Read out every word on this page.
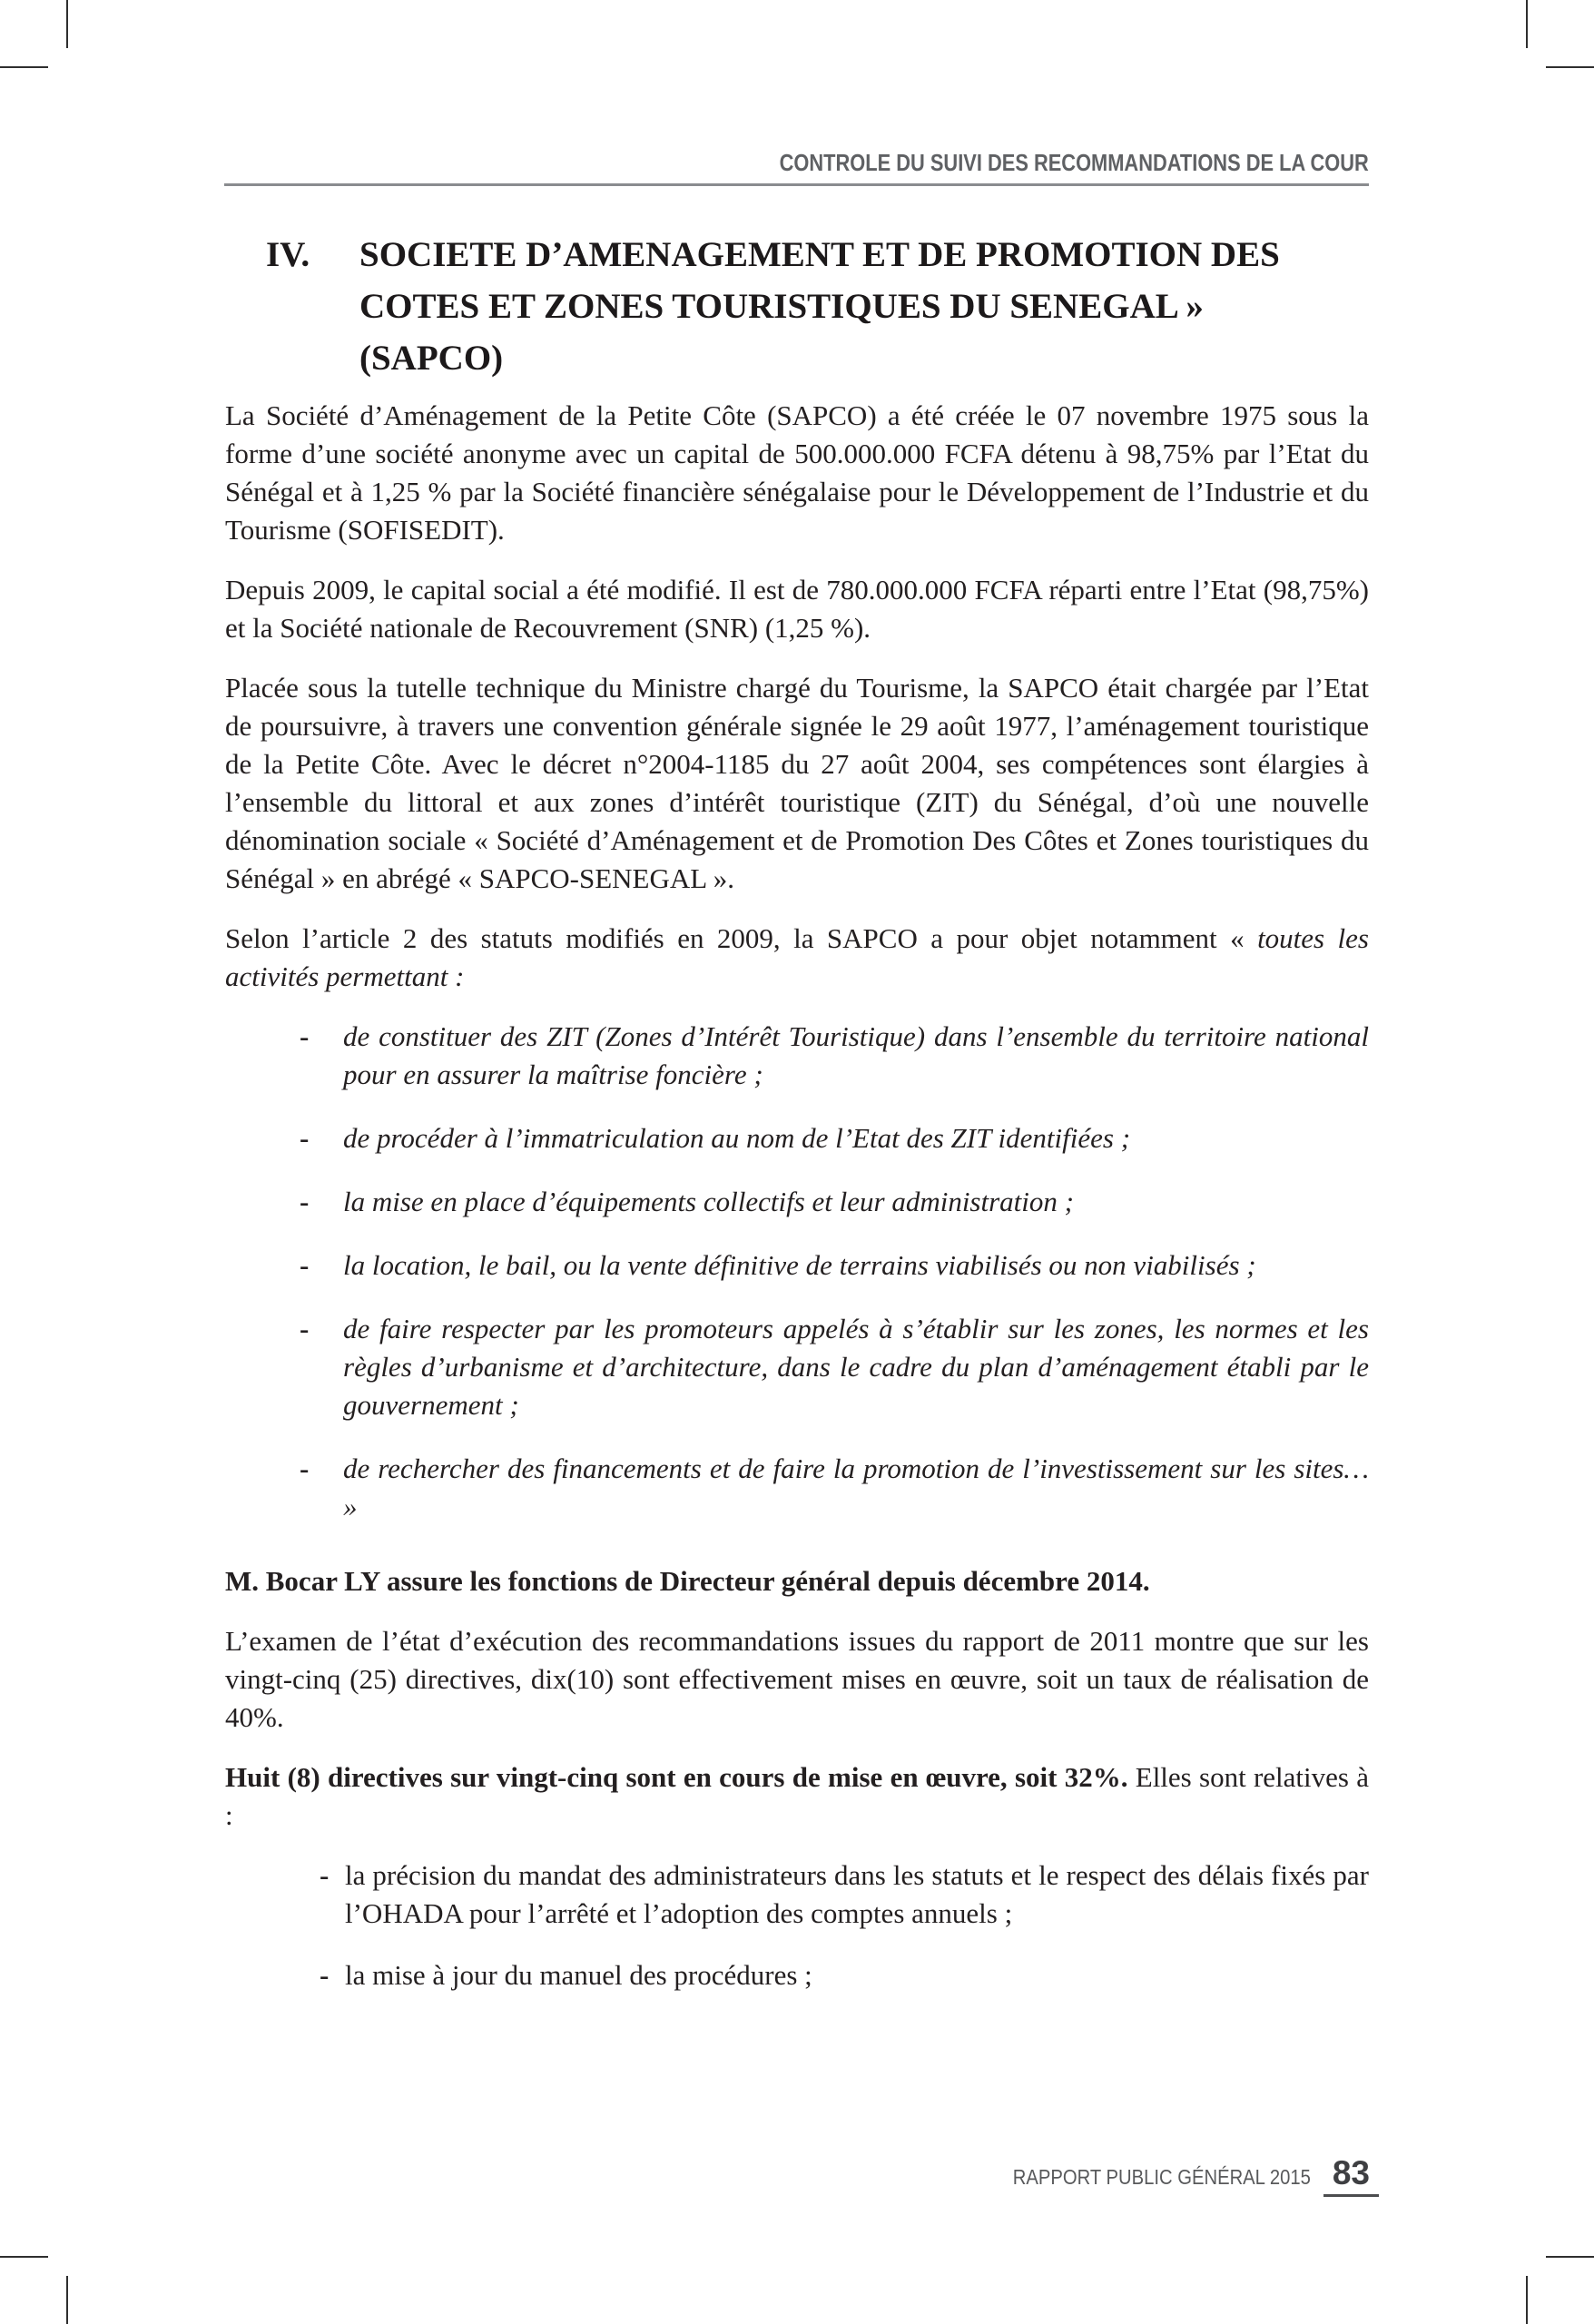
CONTROLE DU SUIVI DES RECOMMANDATIONS DE LA COUR
IV. SOCIETE D’AMENAGEMENT ET DE PROMOTION DES
COTES ET ZONES TOURISTIQUES DU SENEGAL »
(SAPCO)

La Société d’Aménagement de la Petite Côte (SAPCO) a été créée le 07 novembre 1975 sous la forme d’une société anonyme avec un capital de 500.000.000 FCFA détenu à 98,75% par l’Etat du Sénégal et à 1,25 % par la Société financière sénégalaise pour le Développement de l’Industrie et du Tourisme (SOFISEDIT).

Depuis 2009, le capital social a été modifié. Il est de 780.000.000 FCFA réparti entre l’Etat (98,75%) et la Société nationale de Recouvrement (SNR) (1,25 %).

Placée sous la tutelle technique du Ministre chargé du Tourisme, la SAPCO était chargée par l’Etat de poursuivre, à travers une convention générale signée le 29 août 1977, l’aménagement touristique de la Petite Côte. Avec le décret n°2004-1185 du 27 août 2004, ses compétences sont élargies à l’ensemble du littoral et aux zones d’intérêt touristique (ZIT) du Sénégal, d’où une nouvelle dénomination sociale « Société d’Aménagement et de Promotion Des Côtes et Zones touristiques du Sénégal » en abrégé « SAPCO-SENEGAL ».

Selon l’article 2 des statuts modifiés en 2009, la SAPCO a pour objet notamment « toutes les activités permettant :

- de constituer des ZIT (Zones d’Intérêt Touristique) dans l’ensemble du territoire national pour en assurer la maîtrise foncière ;
- de procéder à l’immatriculation au nom de l’Etat des ZIT identifiées ;
- la mise en place d’équipements collectifs et leur administration ;
- la location, le bail, ou la vente définitive de terrains viabilisés ou non viabilisés ;
- de faire respecter par les promoteurs appelés à s’établir sur les zones, les normes et les règles d’urbanisme et d’architecture, dans le cadre du plan d’aménagement établi par le gouvernement ;
- de rechercher des financements et de faire la promotion de l’investissement sur les sites… »

M. Bocar LY assure les fonctions de Directeur général depuis décembre 2014.

L’examen de l’état d’exécution des recommandations issues du rapport de 2011 montre que sur les vingt-cinq (25) directives, dix(10) sont effectivement mises en œuvre, soit un taux de réalisation de 40%.

Huit (8) directives sur vingt-cinq sont en cours de mise en œuvre, soit 32%. Elles sont relatives à :

- la précision du mandat des administrateurs dans les statuts et le respect des délais fixés par l’OHADA pour l’arrêté et l’adoption des comptes annuels ;
- la mise à jour du manuel des procédures ;
RAPPORT PUBLIC GÉNÉRAL 2015 83
